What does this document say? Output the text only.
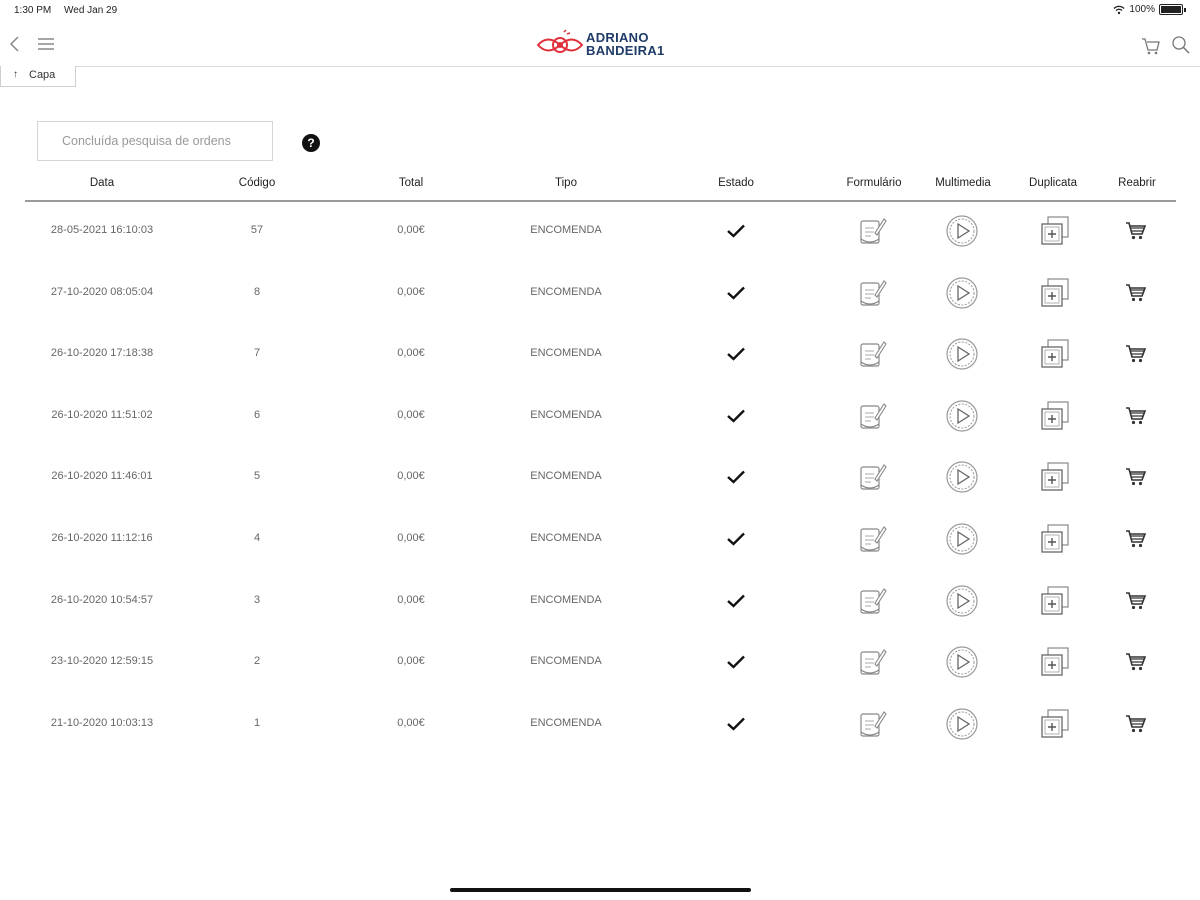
1:30 PM Wed Jan 29	100%
ADRIANO
BANDEIRA1
↑ Capa
Concluída pesquisa de ordens
?
Data	Código	Total	Tipo	Estado	Formulário	Multimedia	Duplicata	Reabrir
28-05-2021 16:10:03	57	0,00€	ENCOMENDA
27-10-2020 08:05:04	8	0,00€	ENCOMENDA
26-10-2020 17:18:38	7	0,00€	ENCOMENDA
26-10-2020 11:51:02	6	0,00€	ENCOMENDA
26-10-2020 11:46:01	5	0,00€	ENCOMENDA
26-10-2020 11:12:16	4	0,00€	ENCOMENDA
26-10-2020 10:54:57	3	0,00€	ENCOMENDA
23-10-2020 12:59:15	2	0,00€	ENCOMENDA
21-10-2020 10:03:13	1	0,00€	ENCOMENDA
